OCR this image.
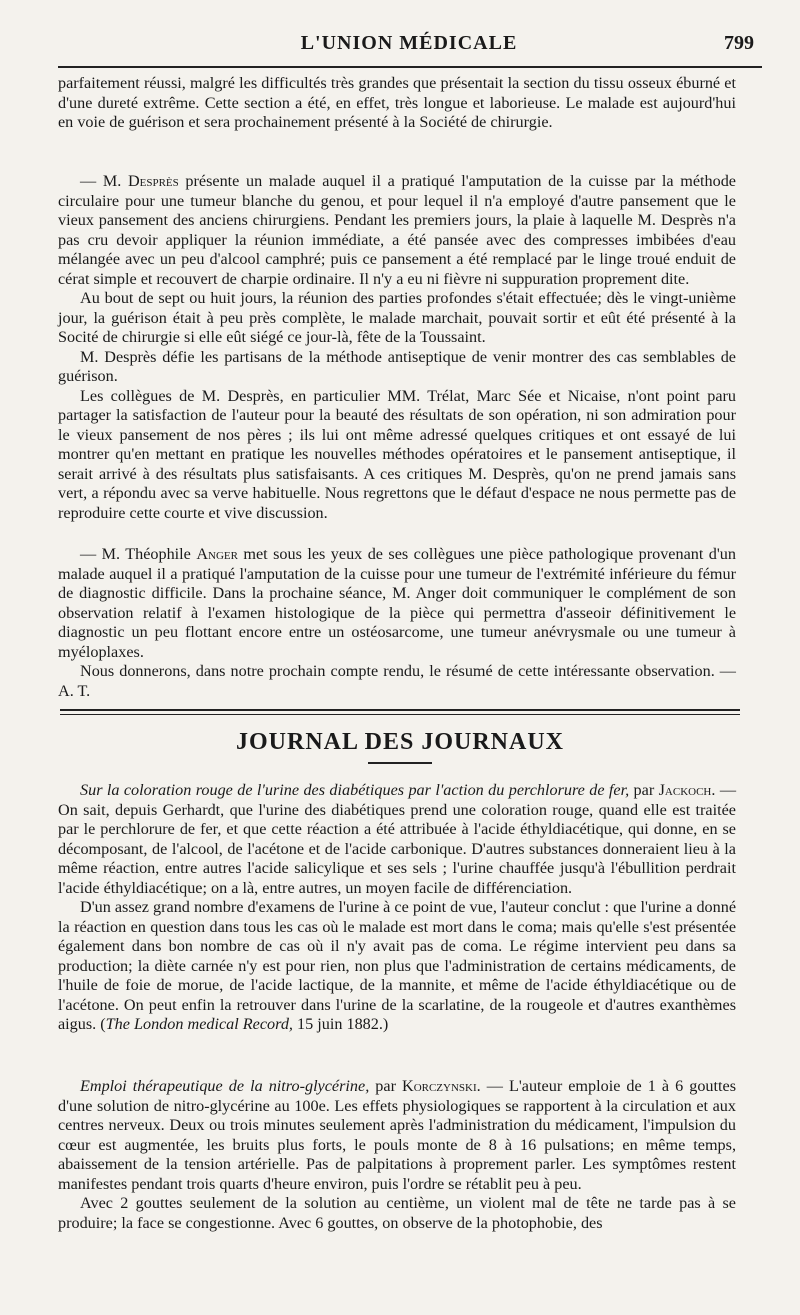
L'UNION MÉDICALE	799

parfaitement réussi, malgré les difficultés très grandes que présentait la section du tissu osseux éburné et d'une dureté extrême. Cette section a été, en effet, très longue et laborieuse. Le malade est aujourd'hui en voie de guérison et sera prochainement présenté à la Société de chirurgie.

— M. Desprès présente un malade auquel il a pratiqué l'amputation de la cuisse par la méthode circulaire pour une tumeur blanche du genou, et pour lequel il n'a employé d'autre pansement que le vieux pansement des anciens chirurgiens. Pendant les premiers jours, la plaie à laquelle M. Desprès n'a pas cru devoir appliquer la réunion immédiate, a été pansée avec des compresses imbibées d'eau mélangée avec un peu d'alcool camphré; puis ce pansement a été remplacé par le linge troué enduit de cérat simple et recouvert de charpie ordinaire. Il n'y a eu ni fièvre ni suppuration proprement dite.

Au bout de sept ou huit jours, la réunion des parties profondes s'était effectuée; dès le vingt-unième jour, la guérison était à peu près complète, le malade marchait, pouvait sortir et eût été présenté à la Socité de chirurgie si elle eût siégé ce jour-là, fête de la Toussaint.

M. Desprès défie les partisans de la méthode antiseptique de venir montrer des cas semblables de guérison.

Les collègues de M. Desprès, en particulier MM. Trélat, Marc Sée et Nicaise, n'ont point paru partager la satisfaction de l'auteur pour la beauté des résultats de son opération, ni son admiration pour le vieux pansement de nos pères ; ils lui ont même adressé quelques critiques et ont essayé de lui montrer qu'en mettant en pratique les nouvelles méthodes opératoires et le pansement antiseptique, il serait arrivé à des résultats plus satisfaisants. A ces critiques M. Desprès, qu'on ne prend jamais sans vert, a répondu avec sa verve habituelle. Nous regrettons que le défaut d'espace ne nous permette pas de reproduire cette courte et vive discussion.

— M. Théophile Anger met sous les yeux de ses collègues une pièce pathologique provenant d'un malade auquel il a pratiqué l'amputation de la cuisse pour une tumeur de l'extrémité inférieure du fémur de diagnostic difficile. Dans la prochaine séance, M. Anger doit communiquer le complément de son observation relatif à l'examen histologique de la pièce qui permettra d'asseoir définitivement le diagnostic un peu flottant encore entre un ostéosarcome, une tumeur anévrysmale ou une tumeur à myéloplaxes.

Nous donnerons, dans notre prochain compte rendu, le résumé de cette intéressante observation. — A. T.

JOURNAL DES JOURNAUX

Sur la coloration rouge de l'urine des diabétiques par l'action du perchlorure de fer, par Jackoch. — On sait, depuis Gerhardt, que l'urine des diabétiques prend une coloration rouge, quand elle est traitée par le perchlorure de fer, et que cette réaction a été attribuée à l'acide éthyldiacétique, qui donne, en se décomposant, de l'alcool, de l'acétone et de l'acide carbonique. D'autres substances donneraient lieu à la même réaction, entre autres l'acide salicylique et ses sels ; l'urine chauffée jusqu'à l'ébullition perdrait l'acide éthyldiacétique; on a là, entre autres, un moyen facile de différenciation.

D'un assez grand nombre d'examens de l'urine à ce point de vue, l'auteur conclut : que l'urine a donné la réaction en question dans tous les cas où le malade est mort dans le coma; mais qu'elle s'est présentée également dans bon nombre de cas où il n'y avait pas de coma. Le régime intervient peu dans sa production; la diète carnée n'y est pour rien, non plus que l'administration de certains médicaments, de l'huile de foie de morue, de l'acide lactique, de la mannite, et même de l'acide éthyldiacétique ou de l'acétone. On peut enfin la retrouver dans l'urine de la scarlatine, de la rougeole et d'autres exanthèmes aigus. (The London medical Record, 15 juin 1882.)

Emploi thérapeutique de la nitro-glycérine, par Korczynski. — L'auteur emploie de 1 à 6 gouttes d'une solution de nitro-glycérine au 100e. Les effets physiologiques se rapportent à la circulation et aux centres nerveux. Deux ou trois minutes seulement après l'administration du médicament, l'impulsion du cœur est augmentée, les bruits plus forts, le pouls monte de 8 à 16 pulsations; en même temps, abaissement de la tension artérielle. Pas de palpitations à proprement parler. Les symptômes restent manifestes pendant trois quarts d'heure environ, puis l'ordre se rétablit peu à peu.

Avec 2 gouttes seulement de la solution au centième, un violent mal de tête ne tarde pas à se produire; la face se congestionne. Avec 6 gouttes, on observe de la photophobie, des
